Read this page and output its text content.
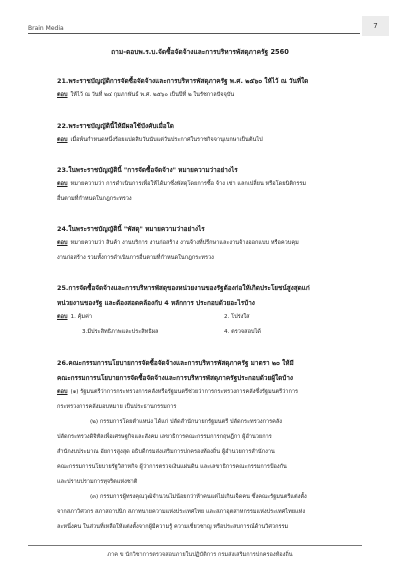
Brain Media	7
ถาม-ตอบพ.ร.บ.จัดซื้อจัดจ้างและการบริหารพัสดุภาครัฐ 2560
21.พระราชบัญญัติการจัดซื้อจัดจ้างและการบริหารพัสดุภาครัฐ พ.ศ. ๒๕๖๐ ให้ไว้ ณ วันที่ใด
ตอบ ให้ไว้ ณ วันที่ ๒๔ กุมภาพันธ์ พ.ศ. ๒๕๖๐ เป็นปีที่ ๒ ในรัชกาลปัจจุบัน
22.พระราชบัญญัตินี้ให้มีผลใช้บังคับเมื่อใด
ตอบ เมื่อพ้นกำหนดหนึ่งร้อยแปดสิบวันนับแต่วันประกาศในราชกิจจานุเบกษาเป็นต้นไป
23.ในพระราชบัญญัตินี้ "การจัดซื้อจัดจ้าง" หมายความว่าอย่างไร
ตอบ หมายความว่า การดำเนินการเพื่อให้ได้มาซึ่งพัสดุโดยการซื้อ จ้าง เช่า แลกเปลี่ยน หรือโดยนิติกรรม
อื่นตามที่กำหนดในกฎกระทรวง
24.ในพระราชบัญญัตินี้ "พัสดุ" หมายความว่าอย่างไร
ตอบ หมายความว่า สินค้า งานบริการ งานก่อสร้าง งานจ้างที่ปรึกษาและงานจ้างออกแบบ หรือควบคุม
งานก่อสร้าง รวมทั้งการดำเนินการอื่นตามที่กำหนดในกฎกระทรวง
25.การจัดซื้อจัดจ้างและการบริหารพัสดุของหน่วยงานของรัฐต้องก่อให้เกิดประโยชน์สูงสุดแก่
หน่วยงานของรัฐ และต้องสอดคล้องกับ 4 หลักการ ประกอบด้วยอะไรบ้าง
ตอบ 1. คุ้มค่า	2. โปร่งใส
3.มีประสิทธิภาพและประสิทธิผล	4. ตรวจสอบได้
26.คณะกรรมการนโยบายการจัดซื้อจัดจ้างและการบริหารพัสดุภาครัฐ มาตรา ๒๐ ให้มี
คณะกรรมการนโยบายการจัดซื้อจัดจ้างและการบริหารพัสดุภาครัฐประกอบด้วยผู้ใดบ้าง
ตอบ (๑) รัฐมนตรีว่าการกระทรวงการคลังหรือรัฐมนตรีช่วยว่าการกระทรวงการคลังซึ่งรัฐมนตรีว่าการ
กระทรวงการคลังมอบหมาย เป็นประธานกรรมการ
(๒) กรรมการโดยตำแหน่ง ได้แก่ ปลัดสำนักนายกรัฐมนตรี ปลัดกระทรวงการคลัง
ปลัดกระทรวงดิจิทัลเพื่อเศรษฐกิจและสังคม เลขาธิการคณะกรรมการกฤษฎีกา ผู้อำนวยการ
สำนักงบประมาณ อัยการสูงสุด อธิบดีกรมส่งเสริมการปกครองท้องถิ่น ผู้อำนวยการสำนักงาน
คณะกรรมการนโยบายรัฐวิสาหกิจ ผู้ว่าการตรวจเงินแผ่นดิน และเลขาธิการคณะกรรมการป้องกัน
และปราบปรามการทุจริตแห่งชาติ
(๓) กรรมการผู้ทรงคุณวุฒิจำนวนไม่น้อยกว่าห้าคนแต่ไม่เกินเจ็ดคน ซึ่งคณะรัฐมนตรีแต่งตั้ง
จากสภาวิศวกร สภาสถาปนิก สภาทนายความแห่งประเทศไทย และสภาอุตสาหกรรมแห่งประเทศไทยแห่ง
ละหนึ่งคน ในส่วนที่เหลือให้แต่งตั้งจากผู้มีความรู้ ความเชี่ยวชาญ หรือประสบการณ์ด้านวิศวกรรม
ภาค ข นักวิชาการตรวจสอบภายในปฏิบัติการ กรมส่งเสริมการปกครองท้องถิ่น
